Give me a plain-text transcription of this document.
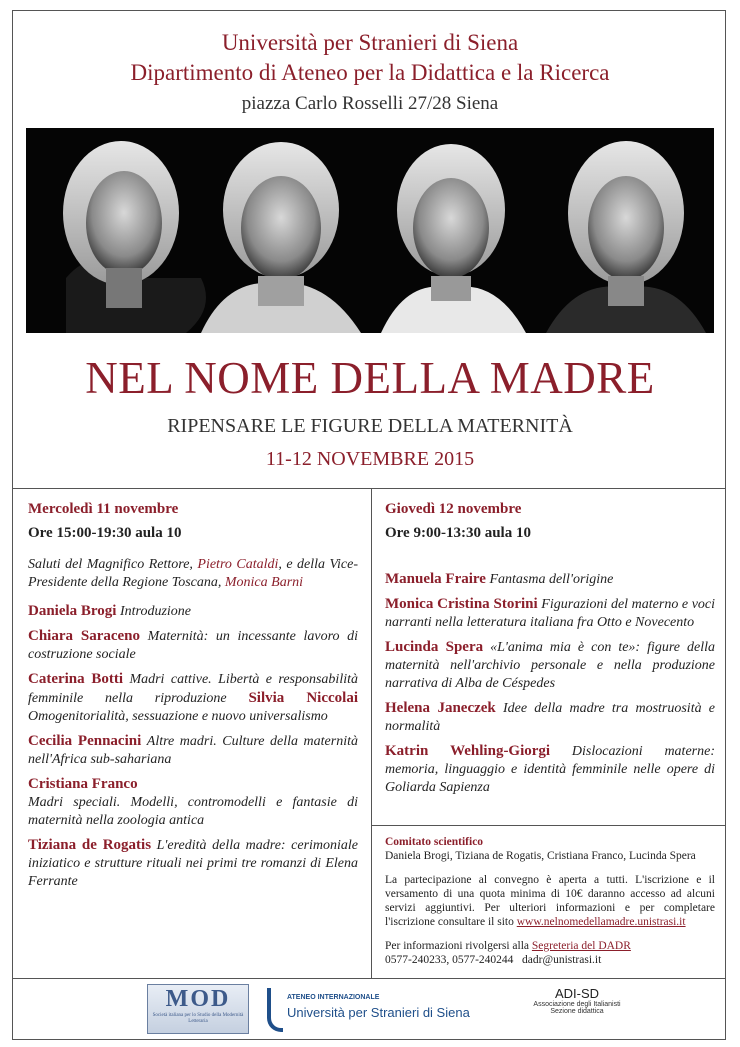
Università per Stranieri di Siena
Dipartimento di Ateneo per la Didattica e la Ricerca
piazza Carlo Rosselli 27/28 Siena
NEL NOME DELLA MADRE
RIPENSARE LE FIGURE DELLA MATERNITÀ
11-12 NOVEMBRE 2015

Mercoledì 11 novembre

Ore 15:00-19:30 aula 10

Saluti del Magnifico Rettore, Pietro Cataldi, e della Vice-Presidente della Regione Toscana, Monica Barni

Daniela Brogi Introduzione

Chiara Saraceno Maternità: un incessante lavoro di costruzione sociale

Caterina Botti Madri cattive. Libertà e responsabilità femminile nella riproduzione Silvia Niccolai Omogenitorialità, sessuazione e nuovo universalismo

Cecilia Pennacini Altre madri. Culture della maternità nell'Africa sub-sahariana

Cristiana Franco
Madri speciali. Modelli, contromodelli e fantasie di maternità nella zoologia antica

Tiziana de Rogatis L'eredità della madre: cerimoniale iniziatico e strutture rituali nei primi tre romanzi di Elena Ferrante

Giovedì 12 novembre

Ore 9:00-13:30 aula 10

Manuela Fraire Fantasma dell'origine

Monica Cristina Storini Figurazioni del materno e voci narranti nella letteratura italiana fra Otto e Novecento

Lucinda Spera «L'anima mia è con te»: figure della maternità nell'archivio personale e nella produzione narrativa di Alba de Céspedes

Helena Janeczek Idee della madre tra mostruosità e normalità

Katrin Wehling-Giorgi Dislocazioni materne: memoria, linguaggio e identità femminile nelle opere di Goliarda Sapienza

Comitato scientifico

Daniela Brogi, Tiziana de Rogatis, Cristiana Franco, Lucinda Spera

La partecipazione al convegno è aperta a tutti. L'iscrizione e il versamento di una quota minima di 10€ daranno accesso ad alcuni servizi aggiuntivi. Per ulteriori informazioni e per completare l'iscrizione consultare il sito www.nelnomedellamadre.unistrasi.it

Per informazioni rivolgersi alla Segreteria del DADR
0577-240233, 0577-240244 dadr@unistrasi.it

MOD
Società italiana per lo Studio della Modernità Letteraria
ATENEO INTERNAZIONALE
Università per Stranieri di Siena
ADI-SD
Associazione degli Italianisti
Sezione didattica
